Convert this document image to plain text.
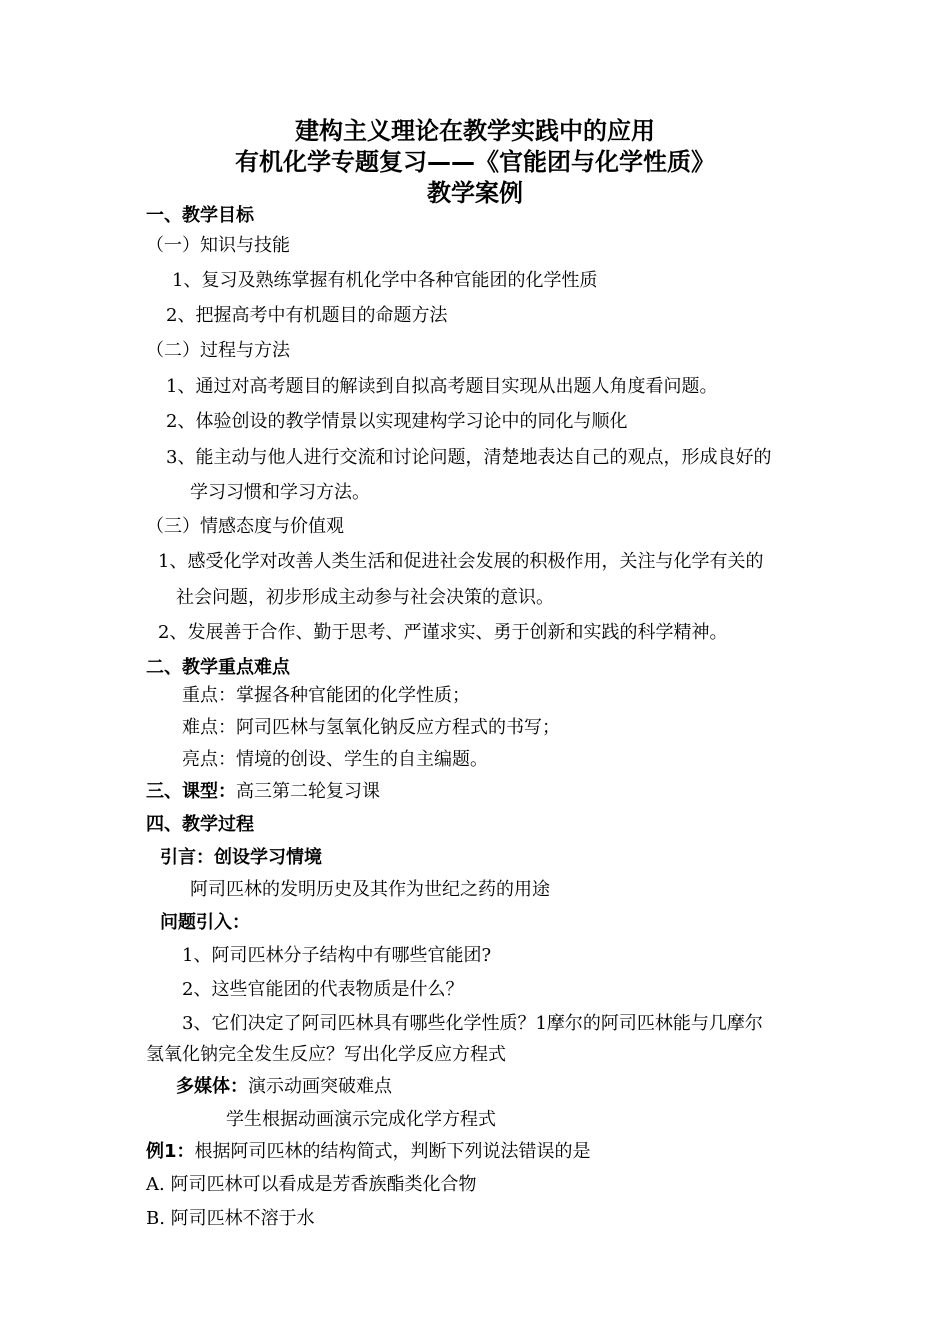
建构主义理论在教学实践中的应用
有机化学专题复习——《官能团与化学性质》
教学案例
一、教学目标
（一）知识与技能
1、复习及熟练掌握有机化学中各种官能团的化学性质
2、把握高考中有机题目的命题方法
（二）过程与方法
1、通过对高考题目的解读到自拟高考题目实现从出题人角度看问题。
2、体验创设的教学情景以实现建构学习论中的同化与顺化
3、能主动与他人进行交流和讨论问题，清楚地表达自己的观点，形成良好的
学习习惯和学习方法。
（三）情感态度与价值观
1、感受化学对改善人类生活和促进社会发展的积极作用，关注与化学有关的
社会问题，初步形成主动参与社会决策的意识。
2、发展善于合作、勤于思考、严谨求实、勇于创新和实践的科学精神。
二、教学重点难点
重点：掌握各种官能团的化学性质；
难点：阿司匹林与氢氧化钠反应方程式的书写；
亮点：情境的创设、学生的自主编题。
三、课型：高三第二轮复习课
四、教学过程
引言：创设学习情境
阿司匹林的发明历史及其作为世纪之药的用途
问题引入：
1、阿司匹林分子结构中有哪些官能团?
2、这些官能团的代表物质是什么？
3、它们决定了阿司匹林具有哪些化学性质？1摩尔的阿司匹林能与几摩尔
氢氧化钠完全发生反应？写出化学反应方程式
多媒体：演示动画突破难点
学生根据动画演示完成化学方程式
例1：根据阿司匹林的结构简式，判断下列说法错误的是
A. 阿司匹林可以看成是芳香族酯类化合物
B. 阿司匹林不溶于水
